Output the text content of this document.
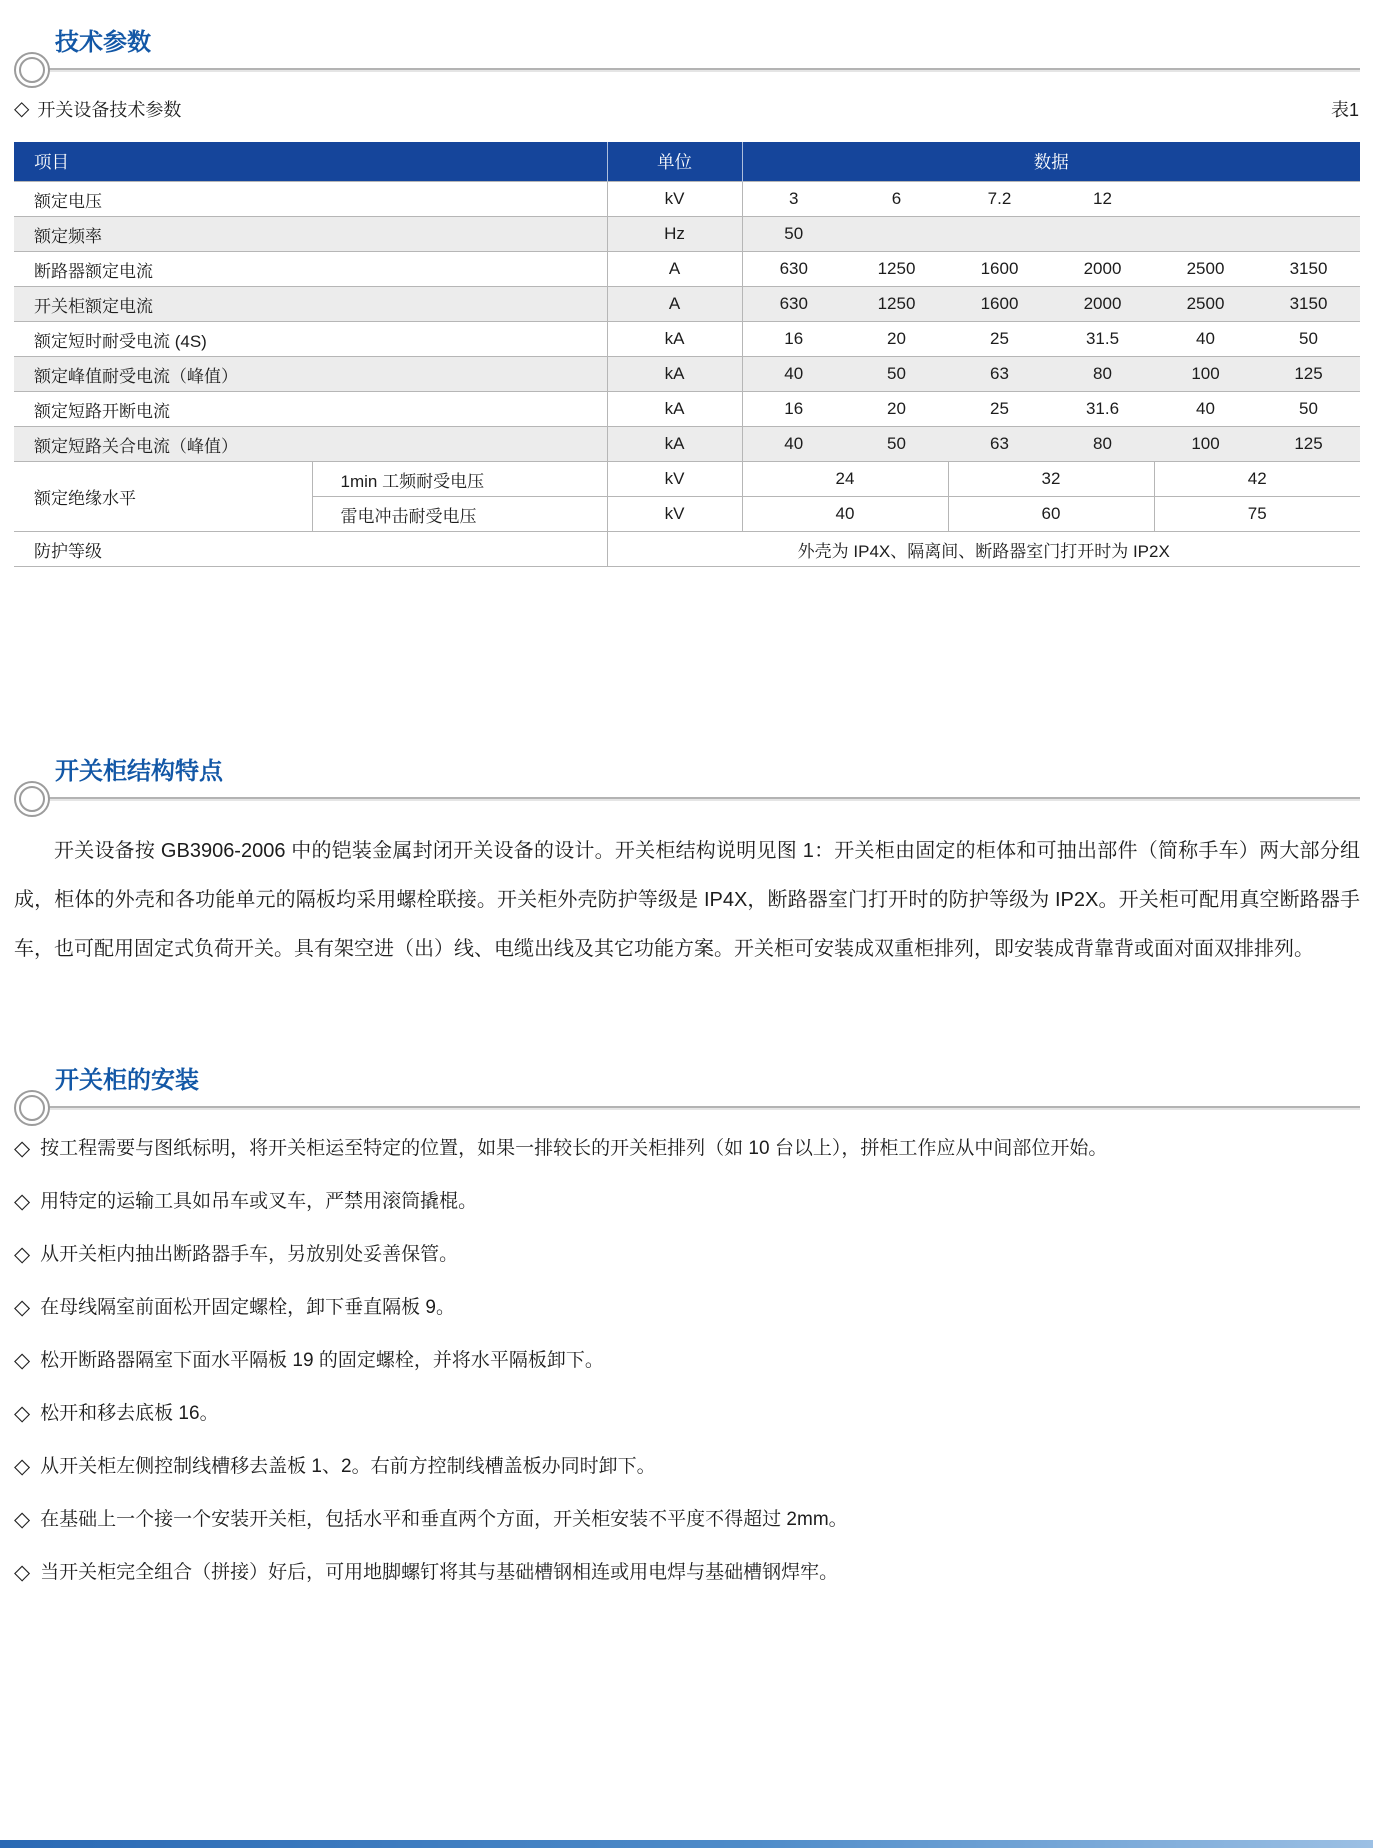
技术参数
◇ 开关设备技术参数	表1
项目		单位	数据					
额定电压		kV	3	6	7.2	12		
额定频率		Hz	50					
断路器额定电流		A	630	1250	1600	2000	2500	3150
开关柜额定电流		A	630	1250	1600	2000	2500	3150
额定短时耐受电流 (4S)		kA	16	20	25	31.5	40	50
额定峰值耐受电流（峰值）		kA	40	50	63	80	100	125
额定短路开断电流		kA	16	20	25	31.6	40	50
额定短路关合电流（峰值）		kA	40	50	63	80	100	125
额定绝缘水平	1min 工频耐受电压	kV	24		32		42	
	雷电冲击耐受电压	kV	40		60		75	
防护等级		外壳为 IP4X、隔离间、断路器室门打开时为 IP2X						
开关柜结构特点

开关设备按 GB3906-2006 中的铠装金属封闭开关设备的设计。开关柜结构说明见图 1：开关柜由固定的柜体和可抽出部件（简称手车）两大部分组成，柜体的外壳和各功能单元的隔板均采用螺栓联接。开关柜外壳防护等级是 IP4X，断路器室门打开时的防护等级为 IP2X。开关柜可配用真空断路器手车，也可配用固定式负荷开关。具有架空进（出）线、电缆出线及其它功能方案。开关柜可安装成双重柜排列，即安装成背靠背或面对面双排排列。

开关柜的安装
◇ 按工程需要与图纸标明，将开关柜运至特定的位置，如果一排较长的开关柜排列（如 10 台以上），拼柜工作应从中间部位开始。
◇ 用特定的运输工具如吊车或叉车，严禁用滚筒撬棍。
◇ 从开关柜内抽出断路器手车，另放别处妥善保管。
◇ 在母线隔室前面松开固定螺栓，卸下垂直隔板 9。
◇ 松开断路器隔室下面水平隔板 19 的固定螺栓，并将水平隔板卸下。
◇ 松开和移去底板 16。
◇ 从开关柜左侧控制线槽移去盖板 1、2。右前方控制线槽盖板办同时卸下。
◇ 在基础上一个接一个安装开关柜，包括水平和垂直两个方面，开关柜安装不平度不得超过 2mm。
◇ 当开关柜完全组合（拼接）好后，可用地脚螺钉将其与基础槽钢相连或用电焊与基础槽钢焊牢。
